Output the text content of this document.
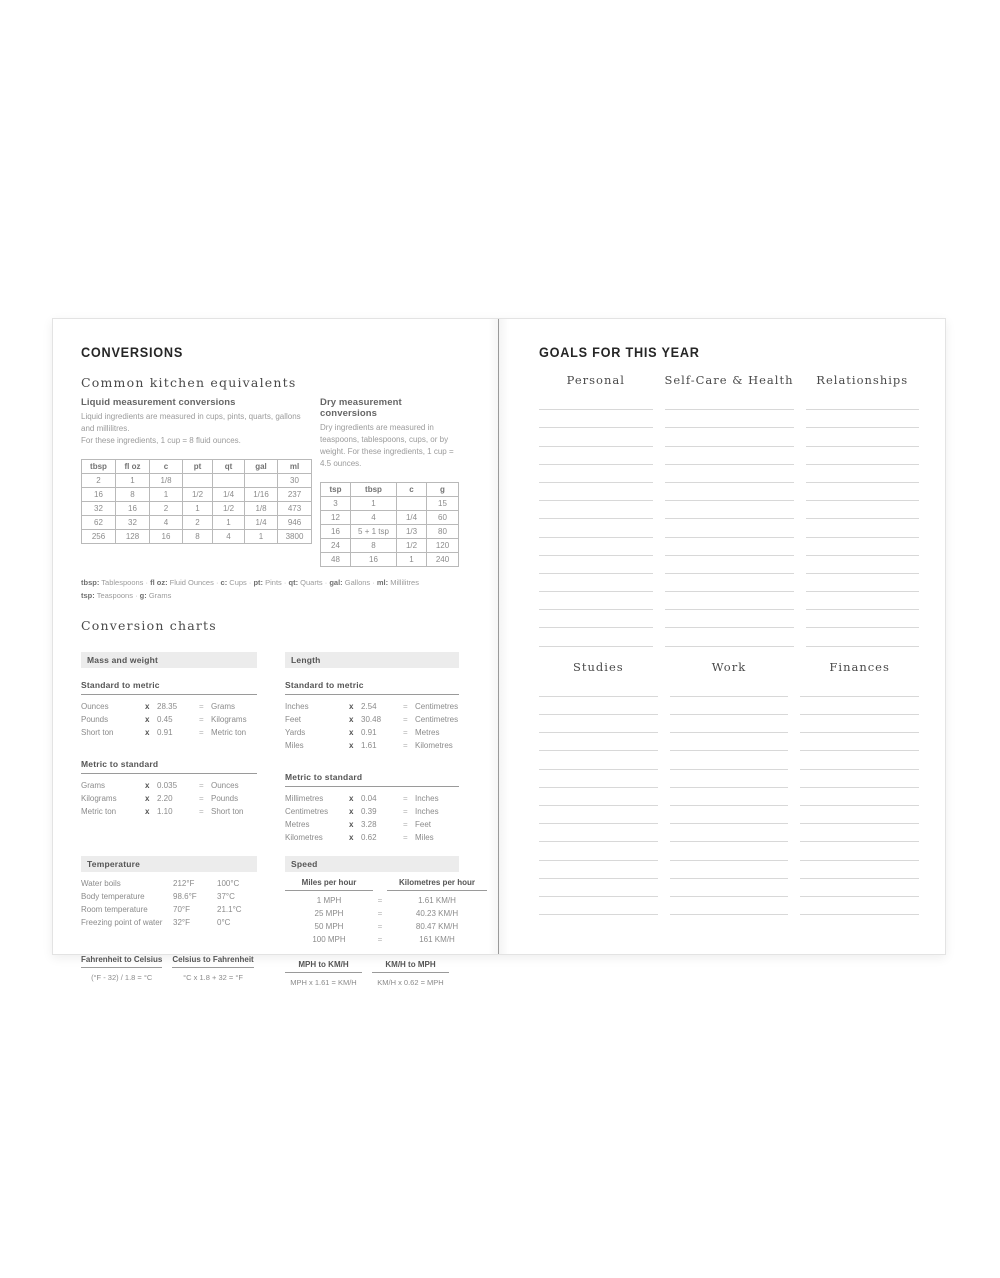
CONVERSIONS
Common kitchen equivalents
Liquid measurement conversions
Liquid ingredients are measured in cups, pints, quarts, gallons and millilitres.
For these ingredients, 1 cup = 8 fluid ounces.
tbsp	fl oz	c	pt	qt	gal	ml
2	1	1/8				30
16	8	1	1/2	1/4	1/16	237
32	16	2	1	1/2	1/8	473
62	32	4	2	1	1/4	946
256	128	16	8	4	1	3800
Dry measurement conversions
Dry ingredients are measured in teaspoons, tablespoons, cups, or by weight. For these ingredients, 1 cup = 4.5 ounces.
tsp	tbsp	c	g
3	1		15
12	4	1/4	60
16	5 + 1 tsp	1/3	80
24	8	1/2	120
48	16	1	240
tbsp: Tablespoons · fl oz: Fluid Ounces · c: Cups · pt: Pints · qt: Quarts · gal: Gallons · ml: Millilitres
tsp: Teaspoons · g: Grams
Conversion charts
Mass and weight
Standard to metric
Ounces	x 28.35	= Grams
Pounds	x 0.45	= Kilograms
Short ton	x 0.91	= Metric ton
Metric to standard
Grams	x 0.035	= Ounces
Kilograms	x 2.20	= Pounds
Metric ton	x 1.10	= Short ton
Temperature
Water boils	212°F	100°C
Body temperature	98.6°F	37°C
Room temperature	70°F	21.1°C
Freezing point of water	32°F	0°C
Fahrenheit to Celsius
(°F - 32) / 1.8 = °C
Celsius to Fahrenheit
°C x 1.8 + 32 = °F
Length
Standard to metric
Inches	x 2.54	= Centimetres
Feet	x 30.48	= Centimetres
Yards	x 0.91	= Metres
Miles	x 1.61	= Kilometres
Metric to standard
Millimetres	x 0.04	= Inches
Centimetres	x 0.39	= Inches
Metres	x 3.28	= Feet
Kilometres	x 0.62	= Miles
Speed
Miles per hour	Kilometres per hour
1 MPH	=	1.61 KM/H
25 MPH	=	40.23 KM/H
50 MPH	=	80.47 KM/H
100 MPH	=	161 KM/H
MPH to KM/H
MPH x 1.61 = KM/H
KM/H to MPH
KM/H x 0.62 = MPH
GOALS FOR THIS YEAR
Personal	Self-Care & Health	Relationships
Studies	Work	Finances
